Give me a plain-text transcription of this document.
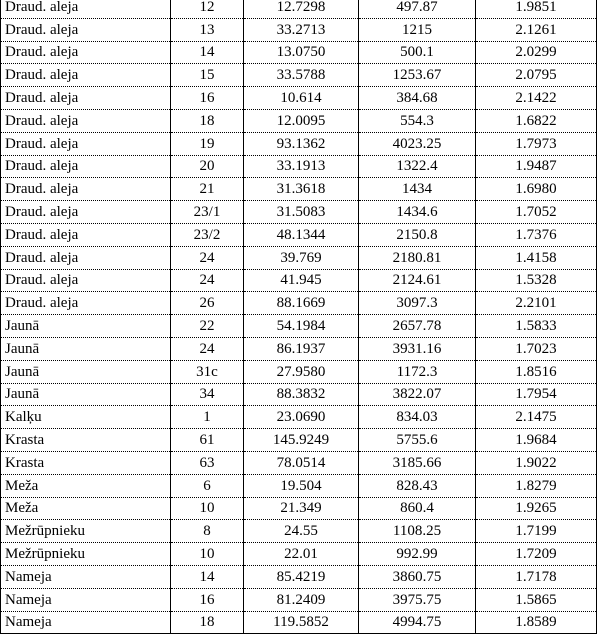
Draud. aleja	12	12.7298	497.87	1.9851
Draud. aleja	13	33.2713	1215	2.1261
Draud. aleja	14	13.0750	500.1	2.0299
Draud. aleja	15	33.5788	1253.67	2.0795
Draud. aleja	16	10.614	384.68	2.1422
Draud. aleja	18	12.0095	554.3	1.6822
Draud. aleja	19	93.1362	4023.25	1.7973
Draud. aleja	20	33.1913	1322.4	1.9487
Draud. aleja	21	31.3618	1434	1.6980
Draud. aleja	23/1	31.5083	1434.6	1.7052
Draud. aleja	23/2	48.1344	2150.8	1.7376
Draud. aleja	24	39.769	2180.81	1.4158
Draud. aleja	24	41.945	2124.61	1.5328
Draud. aleja	26	88.1669	3097.3	2.2101
Jaunā	22	54.1984	2657.78	1.5833
Jaunā	24	86.1937	3931.16	1.7023
Jaunā	31c	27.9580	1172.3	1.8516
Jaunā	34	88.3832	3822.07	1.7954
Kalķu	1	23.0690	834.03	2.1475
Krasta	61	145.9249	5755.6	1.9684
Krasta	63	78.0514	3185.66	1.9022
Meža	6	19.504	828.43	1.8279
Meža	10	21.349	860.4	1.9265
Mežrūpnieku	8	24.55	1108.25	1.7199
Mežrūpnieku	10	22.01	992.99	1.7209
Nameja	14	85.4219	3860.75	1.7178
Nameja	16	81.2409	3975.75	1.5865
Nameja	18	119.5852	4994.75	1.8589
